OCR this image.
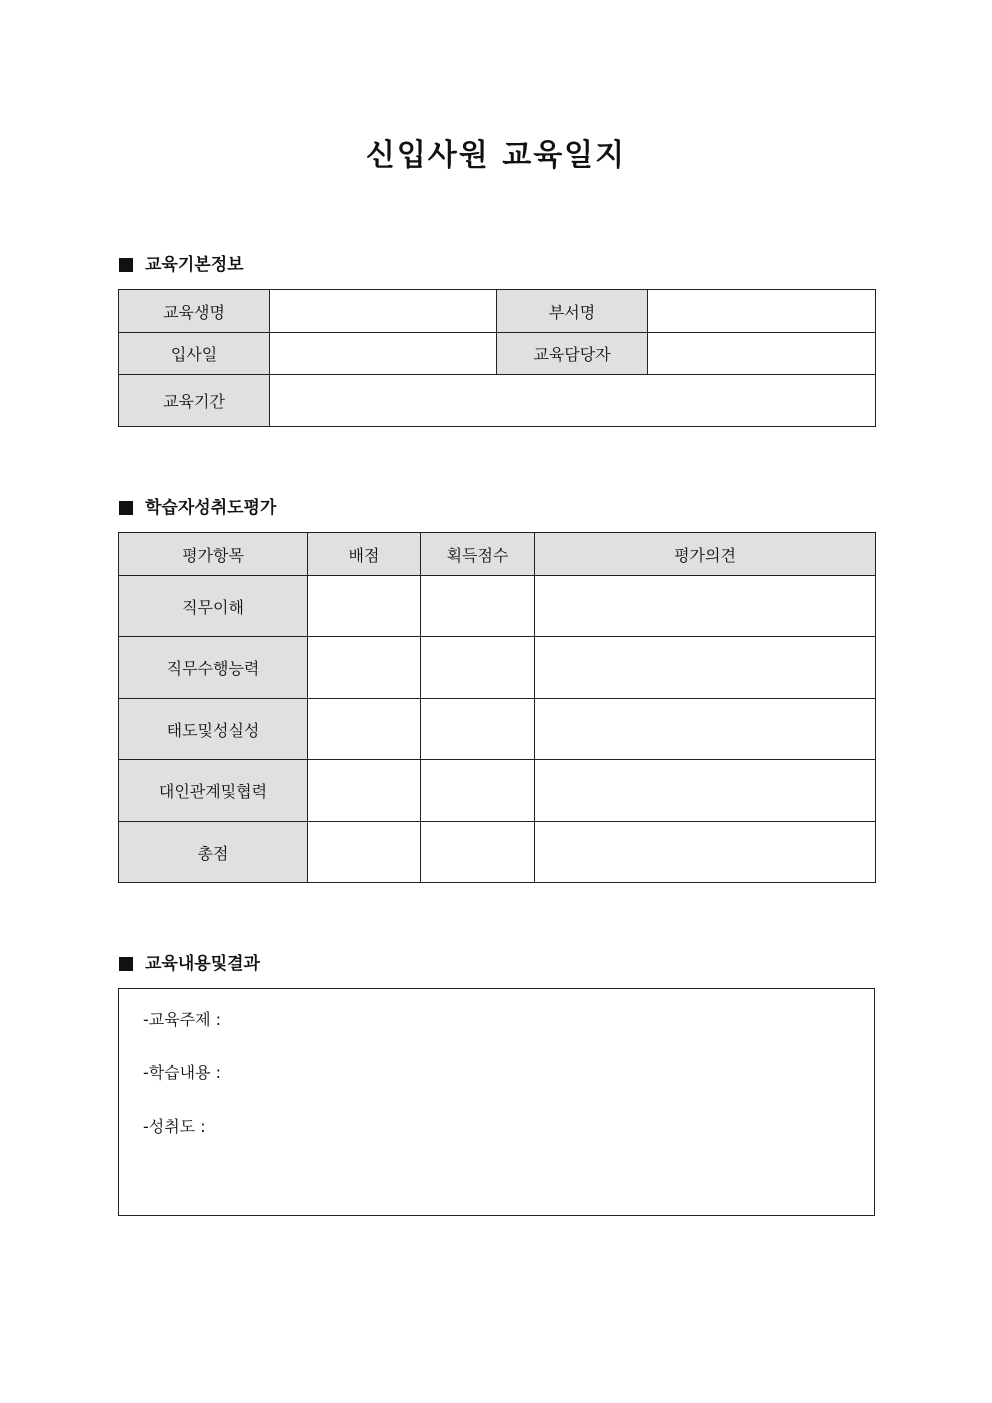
신입사원 교육일지
교육기본정보
교육생명		부서명	
입사일		교육담당자	
교육기간			
학습자성취도평가
평가항목	배점	획득점수	평가의견
직무이해			
직무수행능력			
태도및성실성			
대인관계및협력			
총점			
교육내용및결과
-교육주제 :
-학습내용 :
-성취도 :
